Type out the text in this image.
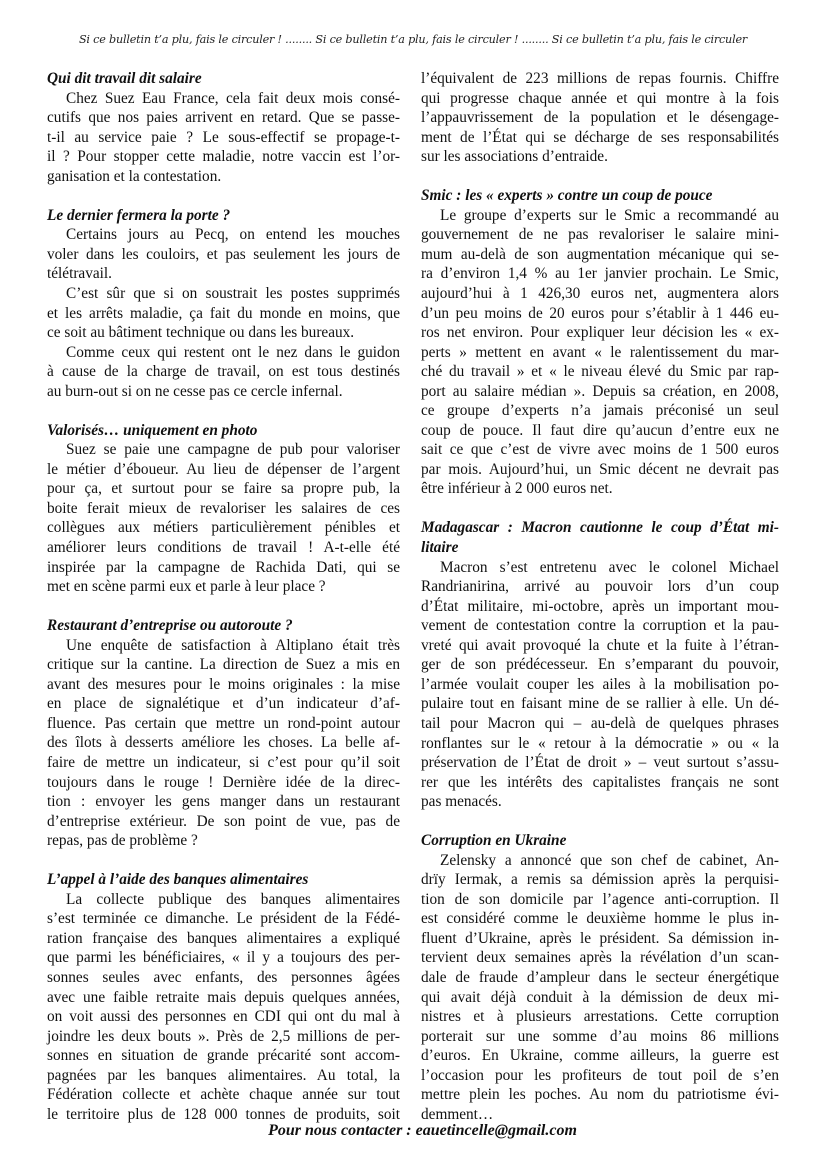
Si ce bulletin t’a plu, fais le circuler ! ........ Si ce bulletin t’a plu, fais le circuler ! ........ Si ce bulletin t’a plu, fais le circuler
Qui dit travail dit salaire
Chez Suez Eau France, cela fait deux mois consé-
cutifs que nos paies arrivent en retard. Que se passe-
t-il au service paie ? Le sous-effectif se propage-t-
il ? Pour stopper cette maladie, notre vaccin est l’or-
ganisation et la contestation.
Le dernier fermera la porte ?
Certains jours au Pecq, on entend les mouches
voler dans les couloirs, et pas seulement les jours de
télétravail.
C’est sûr que si on soustrait les postes supprimés
et les arrêts maladie, ça fait du monde en moins, que
ce soit au bâtiment technique ou dans les bureaux.
Comme ceux qui restent ont le nez dans le guidon
à cause de la charge de travail, on est tous destinés
au burn-out si on ne cesse pas ce cercle infernal.
Valorisés… uniquement en photo
Suez se paie une campagne de pub pour valoriser
le métier d’éboueur. Au lieu de dépenser de l’argent
pour ça, et surtout pour se faire sa propre pub, la
boite ferait mieux de revaloriser les salaires de ces
collègues aux métiers particulièrement pénibles et
améliorer leurs conditions de travail ! A-t-elle été
inspirée par la campagne de Rachida Dati, qui se
met en scène parmi eux et parle à leur place ?
Restaurant d’entreprise ou autoroute ?
Une enquête de satisfaction à Altiplano était très
critique sur la cantine. La direction de Suez a mis en
avant des mesures pour le moins originales : la mise
en place de signalétique et d’un indicateur d’af-
fluence. Pas certain que mettre un rond-point autour
des îlots à desserts améliore les choses. La belle af-
faire de mettre un indicateur, si c’est pour qu’il soit
toujours dans le rouge ! Dernière idée de la direc-
tion : envoyer les gens manger dans un restaurant
d’entreprise extérieur. De son point de vue, pas de
repas, pas de problème ?
L’appel à l’aide des banques alimentaires
La collecte publique des banques alimentaires
s’est terminée ce dimanche. Le président de la Fédé-
ration française des banques alimentaires a expliqué
que parmi les bénéficiaires, « il y a toujours des per-
sonnes seules avec enfants, des personnes âgées
avec une faible retraite mais depuis quelques années,
on voit aussi des personnes en CDI qui ont du mal à
joindre les deux bouts ». Près de 2,5 millions de per-
sonnes en situation de grande précarité sont accom-
pagnées par les banques alimentaires. Au total, la
Fédération collecte et achète chaque année sur tout
le territoire plus de 128 000 tonnes de produits, soit
l’équivalent de 223 millions de repas fournis. Chiffre
qui progresse chaque année et qui montre à la fois
l’appauvrissement de la population et le désengage-
ment de l’État qui se décharge de ses responsabilités
sur les associations d’entraide.
Smic : les « experts » contre un coup de pouce
Le groupe d’experts sur le Smic a recommandé au
gouvernement de ne pas revaloriser le salaire mini-
mum au-delà de son augmentation mécanique qui se-
ra d’environ 1,4 % au 1er janvier prochain. Le Smic,
aujourd’hui à 1 426,30 euros net, augmentera alors
d’un peu moins de 20 euros pour s’établir à 1 446 eu-
ros net environ. Pour expliquer leur décision les « ex-
perts » mettent en avant « le ralentissement du mar-
ché du travail » et « le niveau élevé du Smic par rap-
port au salaire médian ». Depuis sa création, en 2008,
ce groupe d’experts n’a jamais préconisé un seul
coup de pouce. Il faut dire qu’aucun d’entre eux ne
sait ce que c’est de vivre avec moins de 1 500 euros
par mois. Aujourd’hui, un Smic décent ne devrait pas
être inférieur à 2 000 euros net.
Madagascar : Macron cautionne le coup d’État mi-
litaire
Macron s’est entretenu avec le colonel Michael
Randrianirina, arrivé au pouvoir lors d’un coup
d’État militaire, mi-octobre, après un important mou-
vement de contestation contre la corruption et la pau-
vreté qui avait provoqué la chute et la fuite à l’étran-
ger de son prédécesseur. En s’emparant du pouvoir,
l’armée voulait couper les ailes à la mobilisation po-
pulaire tout en faisant mine de se rallier à elle. Un dé-
tail pour Macron qui – au-delà de quelques phrases
ronflantes sur le « retour à la démocratie » ou « la
préservation de l’État de droit » – veut surtout s’assu-
rer que les intérêts des capitalistes français ne sont
pas menacés.
Corruption en Ukraine
Zelensky a annoncé que son chef de cabinet, An-
drïy Iermak, a remis sa démission après la perquisi-
tion de son domicile par l’agence anti-corruption. Il
est considéré comme le deuxième homme le plus in-
fluent d’Ukraine, après le président. Sa démission in-
tervient deux semaines après la révélation d’un scan-
dale de fraude d’ampleur dans le secteur énergétique
qui avait déjà conduit à la démission de deux mi-
nistres et à plusieurs arrestations. Cette corruption
porterait sur une somme d’au moins 86 millions
d’euros. En Ukraine, comme ailleurs, la guerre est
l’occasion pour les profiteurs de tout poil de s’en
mettre plein les poches. Au nom du patriotisme évi-
demment…
Pour nous contacter : eauetincelle@gmail.com
